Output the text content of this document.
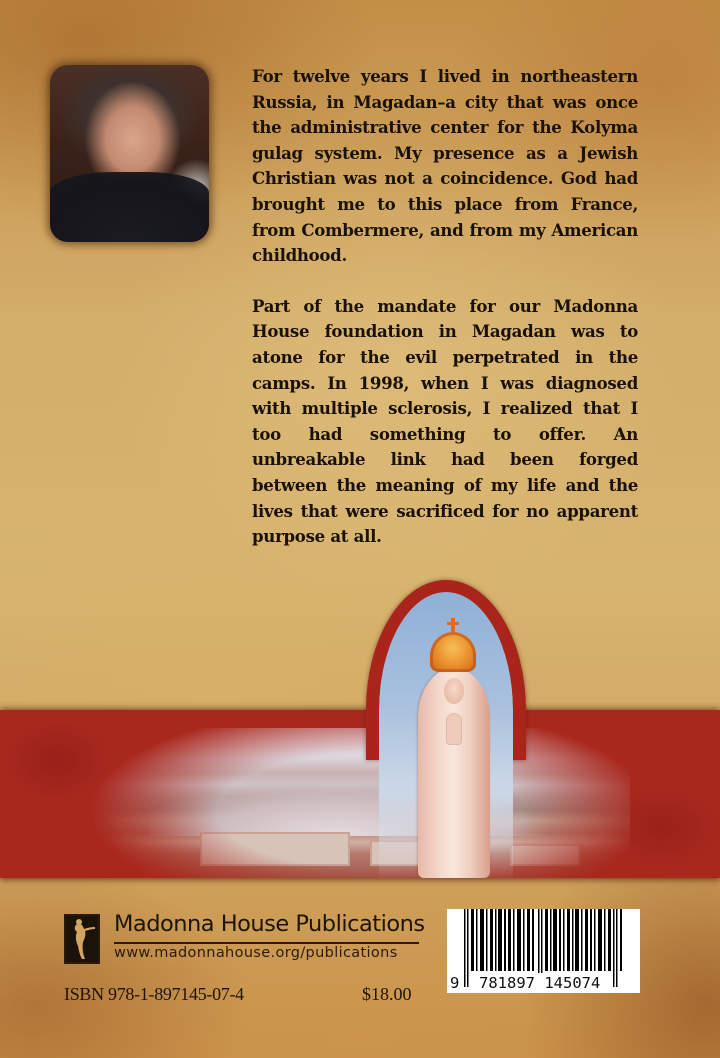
For twelve years I lived in northeastern Russia, in Magadan–a city that was once the administrative center for the Kolyma gulag system. My presence as a Jewish Christian was not a coincidence. God had brought me to this place from France, from Combermere, and from my American childhood.

Part of the mandate for our Madonna House foundation in Magadan was to atone for the evil perpetrated in the camps. In 1998, when I was diagnosed with multiple sclerosis, I realized that I too had something to offer. An unbreakable link had been forged between the meaning of my life and the lives that were sacrificed for no apparent purpose at all.

Madonna House Publications
www.madonnahouse.org/publications
ISBN 978-1-897145-07-4	$18.00
9 781897 145074
